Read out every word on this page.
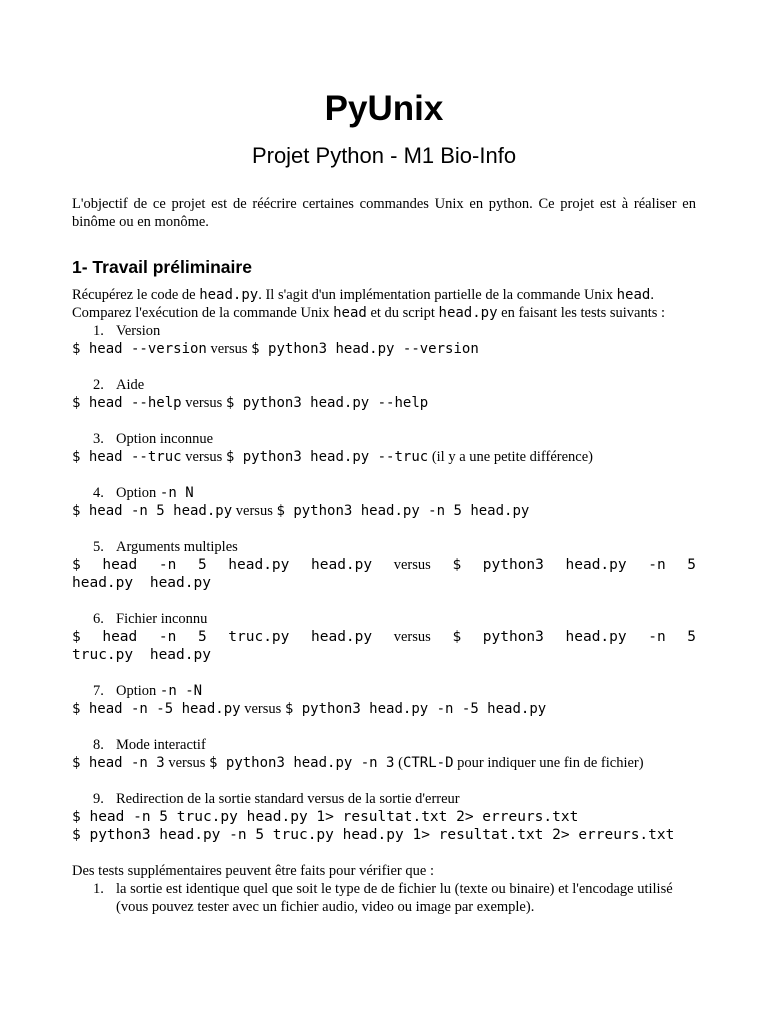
PyUnix
Projet Python - M1 Bio-Info
L'objectif de ce projet est de réécrire certaines commandes Unix en python. Ce projet est à réaliser en binôme ou en monôme.
1- Travail préliminaire
Récupérez le code de head.py. Il s'agit d'un implémentation partielle de la commande Unix head.
Comparez l'exécution de la commande Unix head et du script head.py en faisant les tests suivants :
1. Version
$ head --version versus $ python3 head.py --version
2. Aide
$ head --help versus $ python3 head.py --help
3. Option inconnue
$ head --truc versus $ python3 head.py --truc (il y a une petite différence)
4. Option -n N
$ head -n 5 head.py versus $ python3 head.py -n 5 head.py
5. Arguments multiples
$ head -n 5 head.py head.py versus $ python3 head.py -n 5 head.py head.py
6. Fichier inconnu
$ head -n 5 truc.py head.py versus $ python3 head.py -n 5 truc.py head.py
7. Option -n -N
$ head -n -5 head.py versus $ python3 head.py -n -5 head.py
8. Mode interactif
$ head -n 3 versus $ python3 head.py -n 3 (CTRL-D pour indiquer une fin de fichier)
9. Redirection de la sortie standard versus de la sortie d'erreur
$ head -n 5 truc.py head.py 1> resultat.txt 2> erreurs.txt
$ python3 head.py -n 5 truc.py head.py 1> resultat.txt 2> erreurs.txt
Des tests supplémentaires peuvent être faits pour vérifier que :
1. la sortie est identique quel que soit le type de de fichier lu (texte ou binaire) et l'encodage utilisé (vous pouvez tester avec un fichier audio, video ou image par exemple).
